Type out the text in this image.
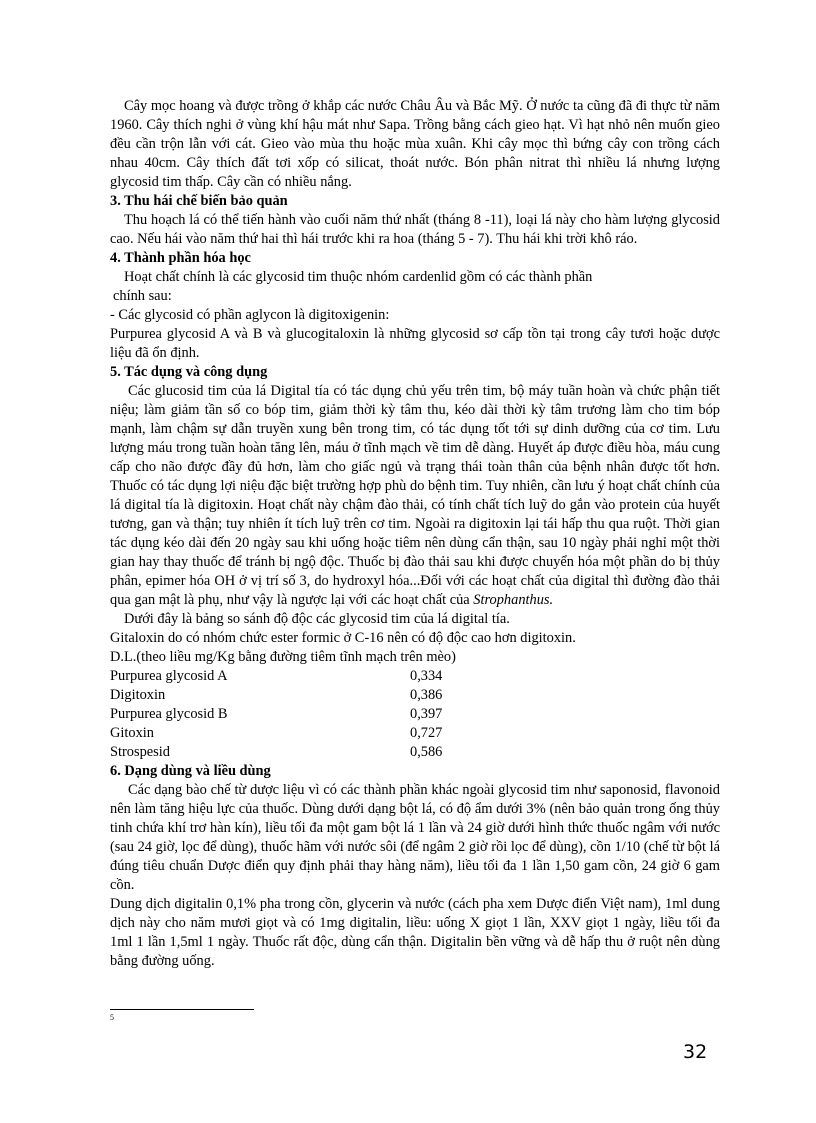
Cây mọc hoang và được trồng ở khắp các nước Châu Âu và Bắc Mỹ. Ở nước ta cũng đã đi thực từ năm 1960. Cây thích nghi ở vùng khí hậu mát như Sapa. Trồng bằng cách gieo hạt. Vì hạt nhỏ nên muốn gieo đều cần trộn lẫn với cát. Gieo vào mùa thu hoặc mùa xuân. Khi cây mọc thì bứng cây con trồng cách nhau 40cm. Cây thích đất tơi xốp có silicat, thoát nước. Bón phân nitrat thì nhiều lá nhưng lượng glycosid tim thấp. Cây cần có nhiều nắng.

3. Thu hái chế biến bảo quản

Thu hoạch lá có thể tiến hành vào cuối năm thứ nhất (tháng 8 -11), loại lá này cho hàm lượng glycosid cao. Nếu hái vào năm thứ hai thì hái trước khi ra hoa (tháng 5 - 7). Thu hái khi trời khô ráo.

4. Thành phần hóa học

Hoạt chất chính là các glycosid tim thuộc nhóm cardenlid gồm có các thành phần

chính sau:

- Các glycosid có phần aglycon là digitoxigenin:

Purpurea glycosid A và B và glucogitaloxin là những glycosid sơ cấp tồn tại trong cây tươi hoặc dược liệu đã ổn định.

5. Tác dụng và công dụng

Các glucosid tim của lá Digital tía có tác dụng chủ yếu trên tim, bộ máy tuần hoàn và chức phận tiết niệu; làm giảm tần số co bóp tim, giảm thời kỳ tâm thu, kéo dài thời kỳ tâm trương làm cho tim bóp mạnh, làm chậm sự dẫn truyền xung bên trong tim, có tác dụng tốt tới sự dinh dưỡng của cơ tim. Lưu lượng máu trong tuần hoàn tăng lên, máu ở tĩnh mạch về tim dễ dàng. Huyết áp được điều hòa, máu cung cấp cho não được đầy đủ hơn, làm cho giấc ngủ và trạng thái toàn thân của bệnh nhân được tốt hơn. Thuốc có tác dụng lợi niệu đặc biệt trường hợp phù do bệnh tim. Tuy nhiên, cần lưu ý hoạt chất chính của lá digital tía là digitoxin. Hoạt chất này chậm đào thải, có tính chất tích luỹ do gắn vào protein của huyết tương, gan và thận; tuy nhiên ít tích luỹ trên cơ tim. Ngoài ra digitoxin lại tái hấp thu qua ruột. Thời gian tác dụng kéo dài đến 20 ngày sau khi uống hoặc tiêm nên dùng cẩn thận, sau 10 ngày phải nghỉ một thời gian hay thay thuốc để tránh bị ngộ độc. Thuốc bị đào thải sau khi được chuyển hóa một phần do bị thủy phân, epimer hóa OH ở vị trí số 3, do hydroxyl hóa...Đối với các hoạt chất của digital thì đường đào thải qua gan mật là phụ, như vậy là ngược lại với các hoạt chất của Strophanthus.

Dưới đây là bảng so sánh độ độc các glycosid tim của lá digital tía.

Gitaloxin do có nhóm chức ester formic ở C-16 nên có độ độc cao hơn digitoxin.

D.L.(theo liều mg/Kg bằng đường tiêm tĩnh mạch trên mèo)

Purpurea glycosid A	0,334
Digitoxin	0,386
Purpurea glycosid B	0,397
Gitoxin	0,727
Strospesid	0,586
6. Dạng dùng và liều dùng

Các dạng bào chế từ dược liệu vì có các thành phần khác ngoài glycosid tim như saponosid, flavonoid nên làm tăng hiệu lực của thuốc. Dùng dưới dạng bột lá, có độ ẩm dưới 3% (nên bảo quản trong ống thủy tinh chứa khí trơ hàn kín), liều tối đa một gam bột lá 1 lần và 24 giờ dưới hình thức thuốc ngâm với nước (sau 24 giờ, lọc để dùng), thuốc hãm với nước sôi (để ngâm 2 giờ rồi lọc để dùng), cồn 1/10 (chế từ bột lá đúng tiêu chuẩn Dược điển quy định phải thay hàng năm), liều tối đa 1 lần 1,50 gam cồn, 24 giờ 6 gam cồn.

Dung dịch digitalin 0,1% pha trong cồn, glycerin và nước (cách pha xem Dược điển Việt nam), 1ml dung dịch này cho năm mươi giọt và có 1mg digitalin, liều: uống X giọt 1 lần, XXV giọt 1 ngày, liều tối đa 1ml 1 lần 1,5ml 1 ngày. Thuốc rất độc, dùng cẩn thận. Digitalin bền vững và dễ hấp thu ở ruột nên dùng bằng đường uống.

5
32
